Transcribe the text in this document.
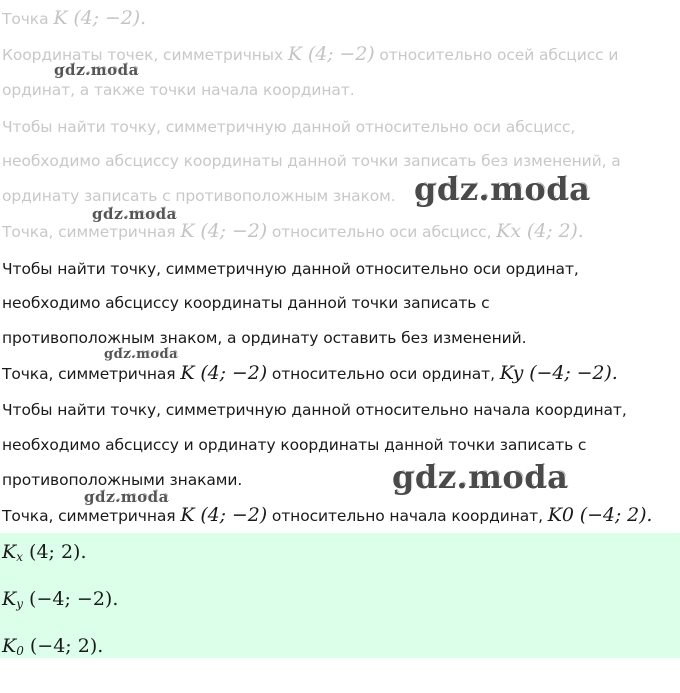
Точка K (4; −2).
Координаты точек, симметричных K (4; −2) относительно осей абсцисс и
ординат, а также точки начала координат.
Чтобы найти точку, симметричную данной относительно оси абсцисс,
необходимо абсциссу координаты данной точки записать без изменений, а
ординату записать с противоположным знаком.
Точка, симметричная K (4; −2) относительно оси абсцисс, Kx (4; 2).
Чтобы найти точку, симметричную данной относительно оси ординат,
необходимо абсциссу координаты данной точки записать с
противоположным знаком, а ординату оставить без изменений.
Точка, симметричная K (4; −2) относительно оси ординат, Ky (−4; −2).
Чтобы найти точку, симметричную данной относительно начала координат,
необходимо абсциссу и ординату координаты данной точки записать с
противоположными знаками.
Точка, симметричная K (4; −2) относительно начала координат, K0 (−4; 2).
$K_x$ (4; 2).
$K_y$ (−4; −2).
$K_0$ (−4; 2).
gdz.moda
gdz.moda
gdz.moda
gdz.moda
gdz.moda
gdz.moda
